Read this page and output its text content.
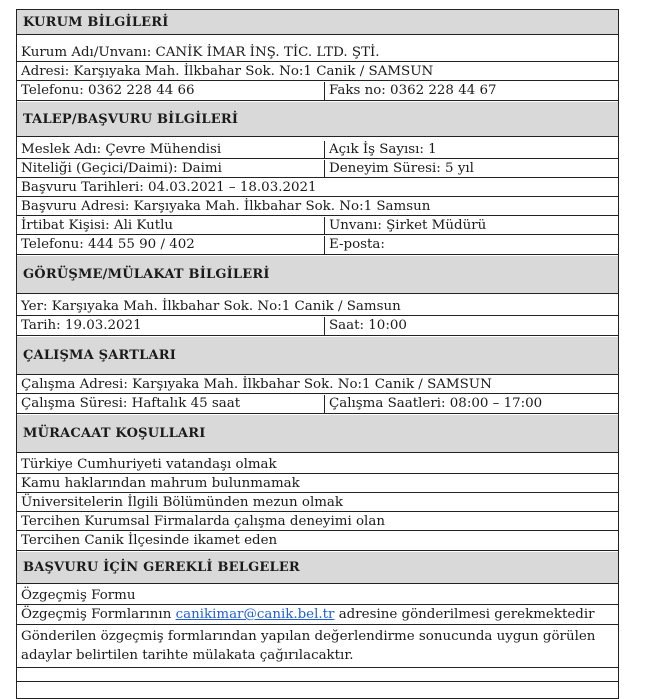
KURUM BİLGİLERİ
Kurum Adı/Unvanı: CANİK İMAR İNŞ. TİC. LTD. ŞTİ.
Adresi: Karşıyaka Mah. İlkbahar Sok. No:1 Canik / SAMSUN
Telefonu: 0362 228 44 66	Faks no: 0362 228 44 67
TALEP/BAŞVURU BİLGİLERİ
Meslek Adı: Çevre Mühendisi	Açık İş Sayısı: 1
Niteliği (Geçici/Daimi): Daimi	Deneyim Süresi: 5 yıl
Başvuru Tarihleri: 04.03.2021 – 18.03.2021
Başvuru Adresi: Karşıyaka Mah. İlkbahar Sok. No:1 Samsun
İrtibat Kişisi: Ali Kutlu	Unvanı: Şirket Müdürü
Telefonu: 444 55 90 / 402	E-posta:
GÖRÜŞME/MÜLAKAT BİLGİLERİ
Yer: Karşıyaka Mah. İlkbahar Sok. No:1 Canik / Samsun
Tarih: 19.03.2021	Saat: 10:00
ÇALIŞMA ŞARTLARI
Çalışma Adresi: Karşıyaka Mah. İlkbahar Sok. No:1 Canik / SAMSUN
Çalışma Süresi: Haftalık 45 saat	Çalışma Saatleri: 08:00 – 17:00
MÜRACAAT KOŞULLARI
Türkiye Cumhuriyeti vatandaşı olmak
Kamu haklarından mahrum bulunmamak
Üniversitelerin İlgili Bölümünden mezun olmak
Tercihen Kurumsal Firmalarda çalışma deneyimi olan
Tercihen Canik İlçesinde ikamet eden
BAŞVURU İÇİN GEREKLİ BELGELER
Özgeçmiş Formu
Özgeçmiş Formlarının canikimar@canik.bel.tr adresine gönderilmesi gerekmektedir
Gönderilen özgeçmiş formlarından yapılan değerlendirme sonucunda uygun görülen adaylar belirtilen tarihte mülakata çağırılacaktır.
